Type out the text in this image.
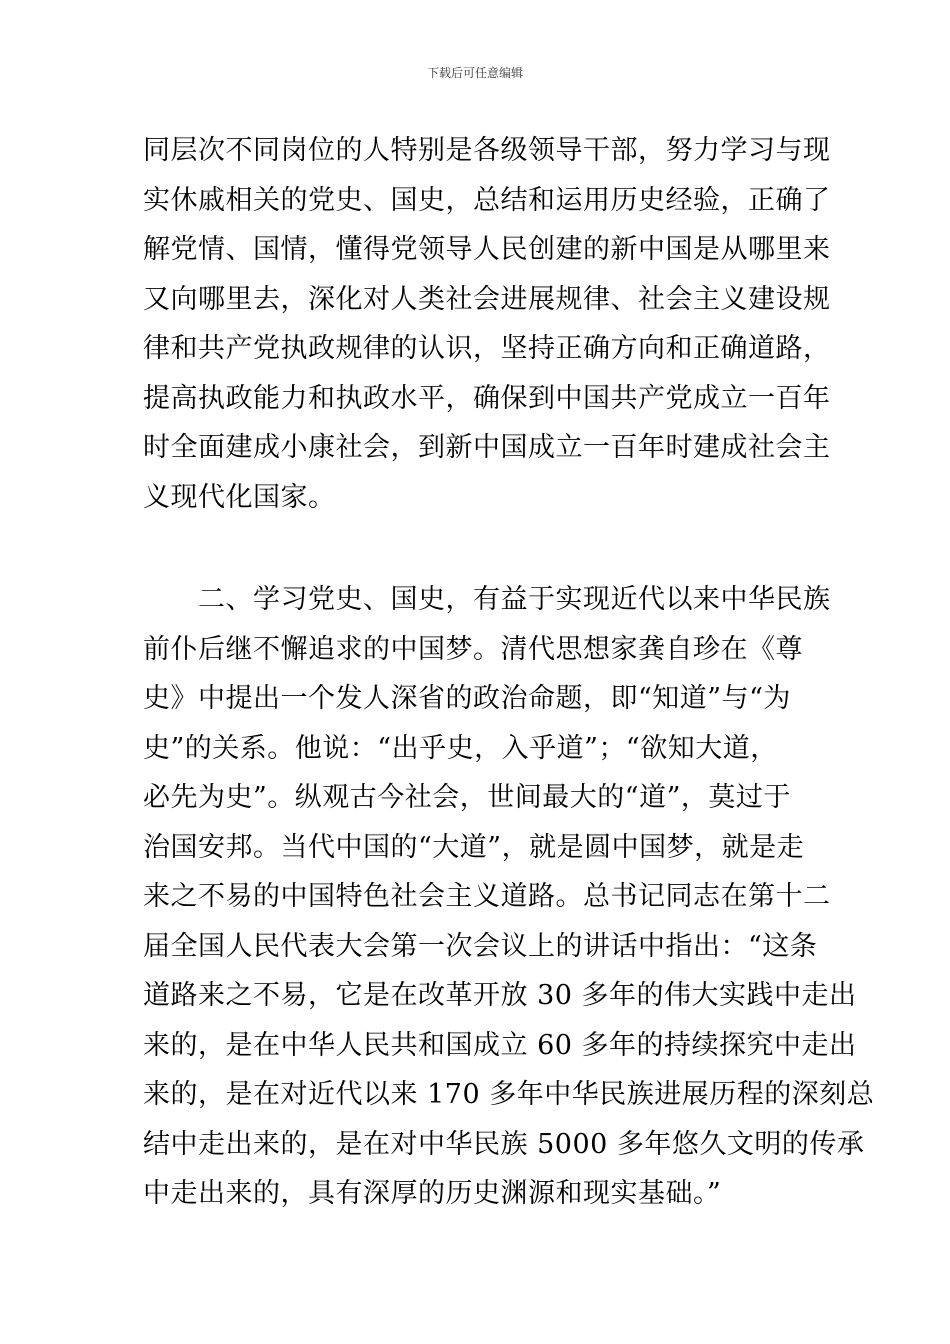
下载后可任意编辑
同层次不同岗位的人特别是各级领导干部，努力学习与现
实休戚相关的党史、国史，总结和运用历史经验，正确了
解党情、国情，懂得党领导人民创建的新中国是从哪里来
又向哪里去，深化对人类社会进展规律、社会主义建设规
律和共产党执政规律的认识，坚持正确方向和正确道路，
提高执政能力和执政水平，确保到中国共产党成立一百年
时全面建成小康社会，到新中国成立一百年时建成社会主
义现代化国家。
　　二、学习党史、国史，有益于实现近代以来中华民族
前仆后继不懈追求的中国梦。清代思想家龚自珍在《尊
史》中提出一个发人深省的政治命题，即“知道”与“为
史”的关系。他说：“出乎史，入乎道”；“欲知大道，
必先为史”。纵观古今社会，世间最大的“道”，莫过于
治国安邦。当代中国的“大道”，就是圆中国梦，就是走
来之不易的中国特色社会主义道路。总书记同志在第十二
届全国人民代表大会第一次会议上的讲话中指出：“这条
道路来之不易，它是在改革开放 30 多年的伟大实践中走出
来的，是在中华人民共和国成立 60 多年的持续探究中走出
来的，是在对近代以来 170 多年中华民族进展历程的深刻总
结中走出来的，是在对中华民族 5000 多年悠久文明的传承
中走出来的，具有深厚的历史渊源和现实基础。”
